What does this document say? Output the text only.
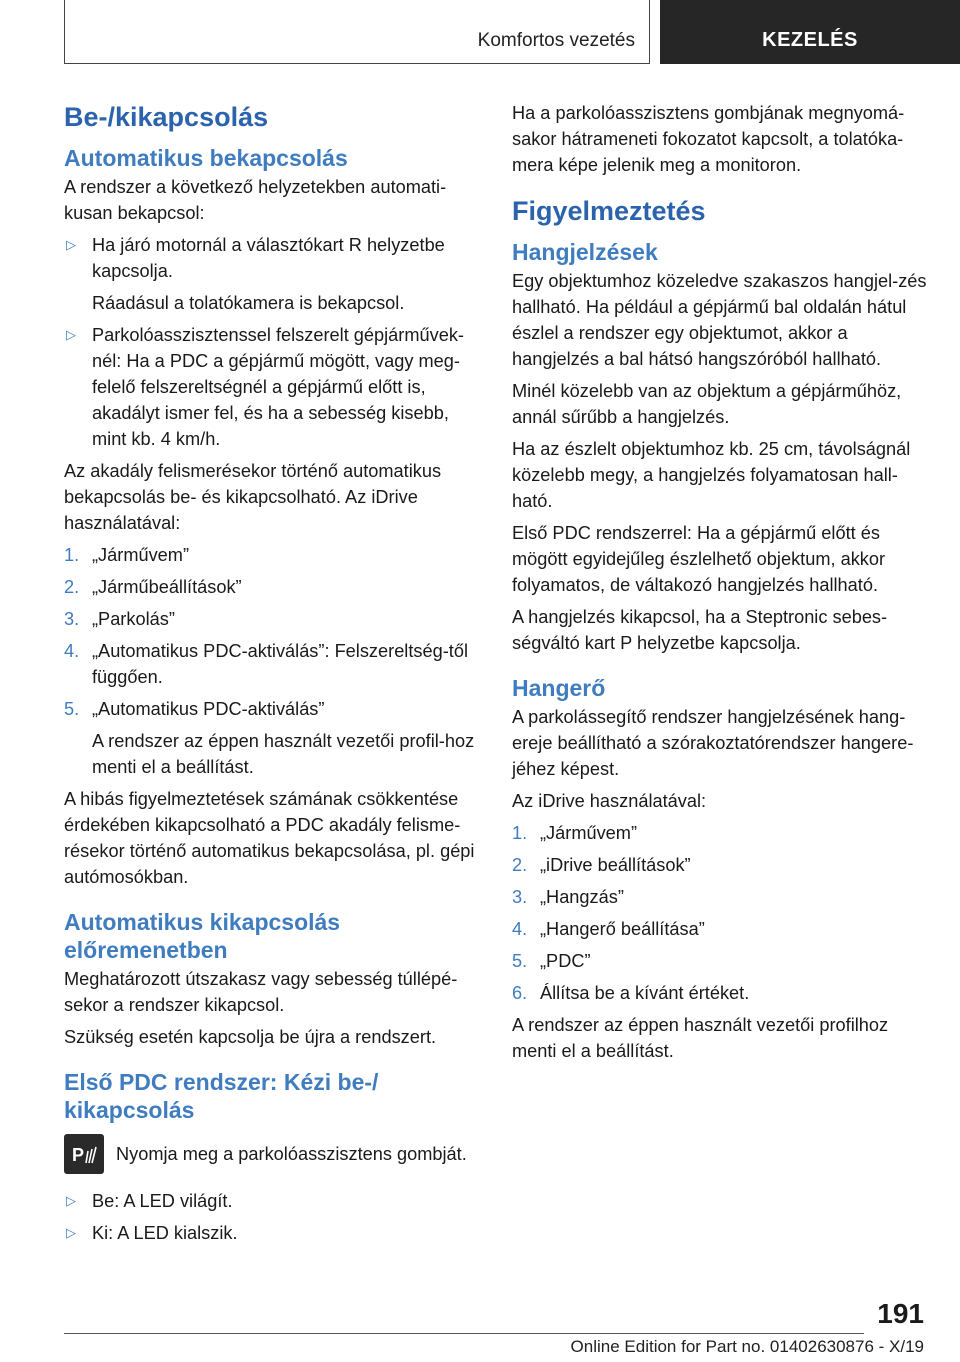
Komfortos vezetés	KEZELÉS
Be-/kikapcsolás
Automatikus bekapcsolás

A rendszer a következő helyzetekben automati-kusan bekapcsol:

▷ Ha járó motornál a választókart R helyzetbe kapcsolja.

Ráadásul a tolatókamera is bekapcsol.

▷ Parkolóasszisztenssel felszerelt gépjárművek-nél: Ha a PDC a gépjármű mögött, vagy meg-felelő felszereltségnél a gépjármű előtt is, akadályt ismer fel, és ha a sebesség kisebb, mint kb. 4 km/h.

Az akadály felismerésekor történő automatikus bekapcsolás be- és kikapcsolható. Az iDrive használatával:

1. „Járművem”
2. „Járműbeállítások”
3. „Parkolás”
4. „Automatikus PDC-aktiválás”: Felszereltség-től függően.
5. „Automatikus PDC-aktiválás”

A rendszer az éppen használt vezetői profil-hoz menti el a beállítást.

A hibás figyelmeztetések számának csökkentése érdekében kikapcsolható a PDC akadály felisme-résekor történő automatikus bekapcsolása, pl. gépi autómosókban.

Automatikus kikapcsolás előremenetben

Meghatározott útszakasz vagy sebesség túllépé-sekor a rendszer kikapcsol.

Szükség esetén kapcsolja be újra a rendszert.

Első PDC rendszer: Kézi be-/ kikapcsolás
P Nyomja meg a parkolóasszisztens gombját.
▷ Be: A LED világít.
▷ Ki: A LED kialszik.

Ha a parkolóasszisztens gombjának megnyomá-sakor hátrameneti fokozatot kapcsolt, a tolatóka-mera képe jelenik meg a monitoron.

Figyelmeztetés
Hangjelzések

Egy objektumhoz közeledve szakaszos hangjel-zés hallható. Ha például a gépjármű bal oldalán hátul észlel a rendszer egy objektumot, akkor a hangjelzés a bal hátsó hangszóróból hallható.

Minél közelebb van az objektum a gépjárműhöz, annál sűrűbb a hangjelzés.

Ha az észlelt objektumhoz kb. 25 cm, távolságnál közelebb megy, a hangjelzés folyamatosan hall-ható.

Első PDC rendszerrel: Ha a gépjármű előtt és mögött egyidejűleg észlelhető objektum, akkor folyamatos, de váltakozó hangjelzés hallható.

A hangjelzés kikapcsol, ha a Steptronic sebes-ségváltó kart P helyzetbe kapcsolja.

Hangerő

A parkolássegítő rendszer hangjelzésének hang-ereje beállítható a szórakoztatórendszer hangere-jéhez képest.

Az iDrive használatával:

1. „Járművem”
2. „iDrive beállítások”
3. „Hangzás”
4. „Hangerő beállítása”
5. „PDC”
6. Állítsa be a kívánt értéket.

A rendszer az éppen használt vezetői profilhoz menti el a beállítást.

191
Online Edition for Part no. 01402630876 - X/19
